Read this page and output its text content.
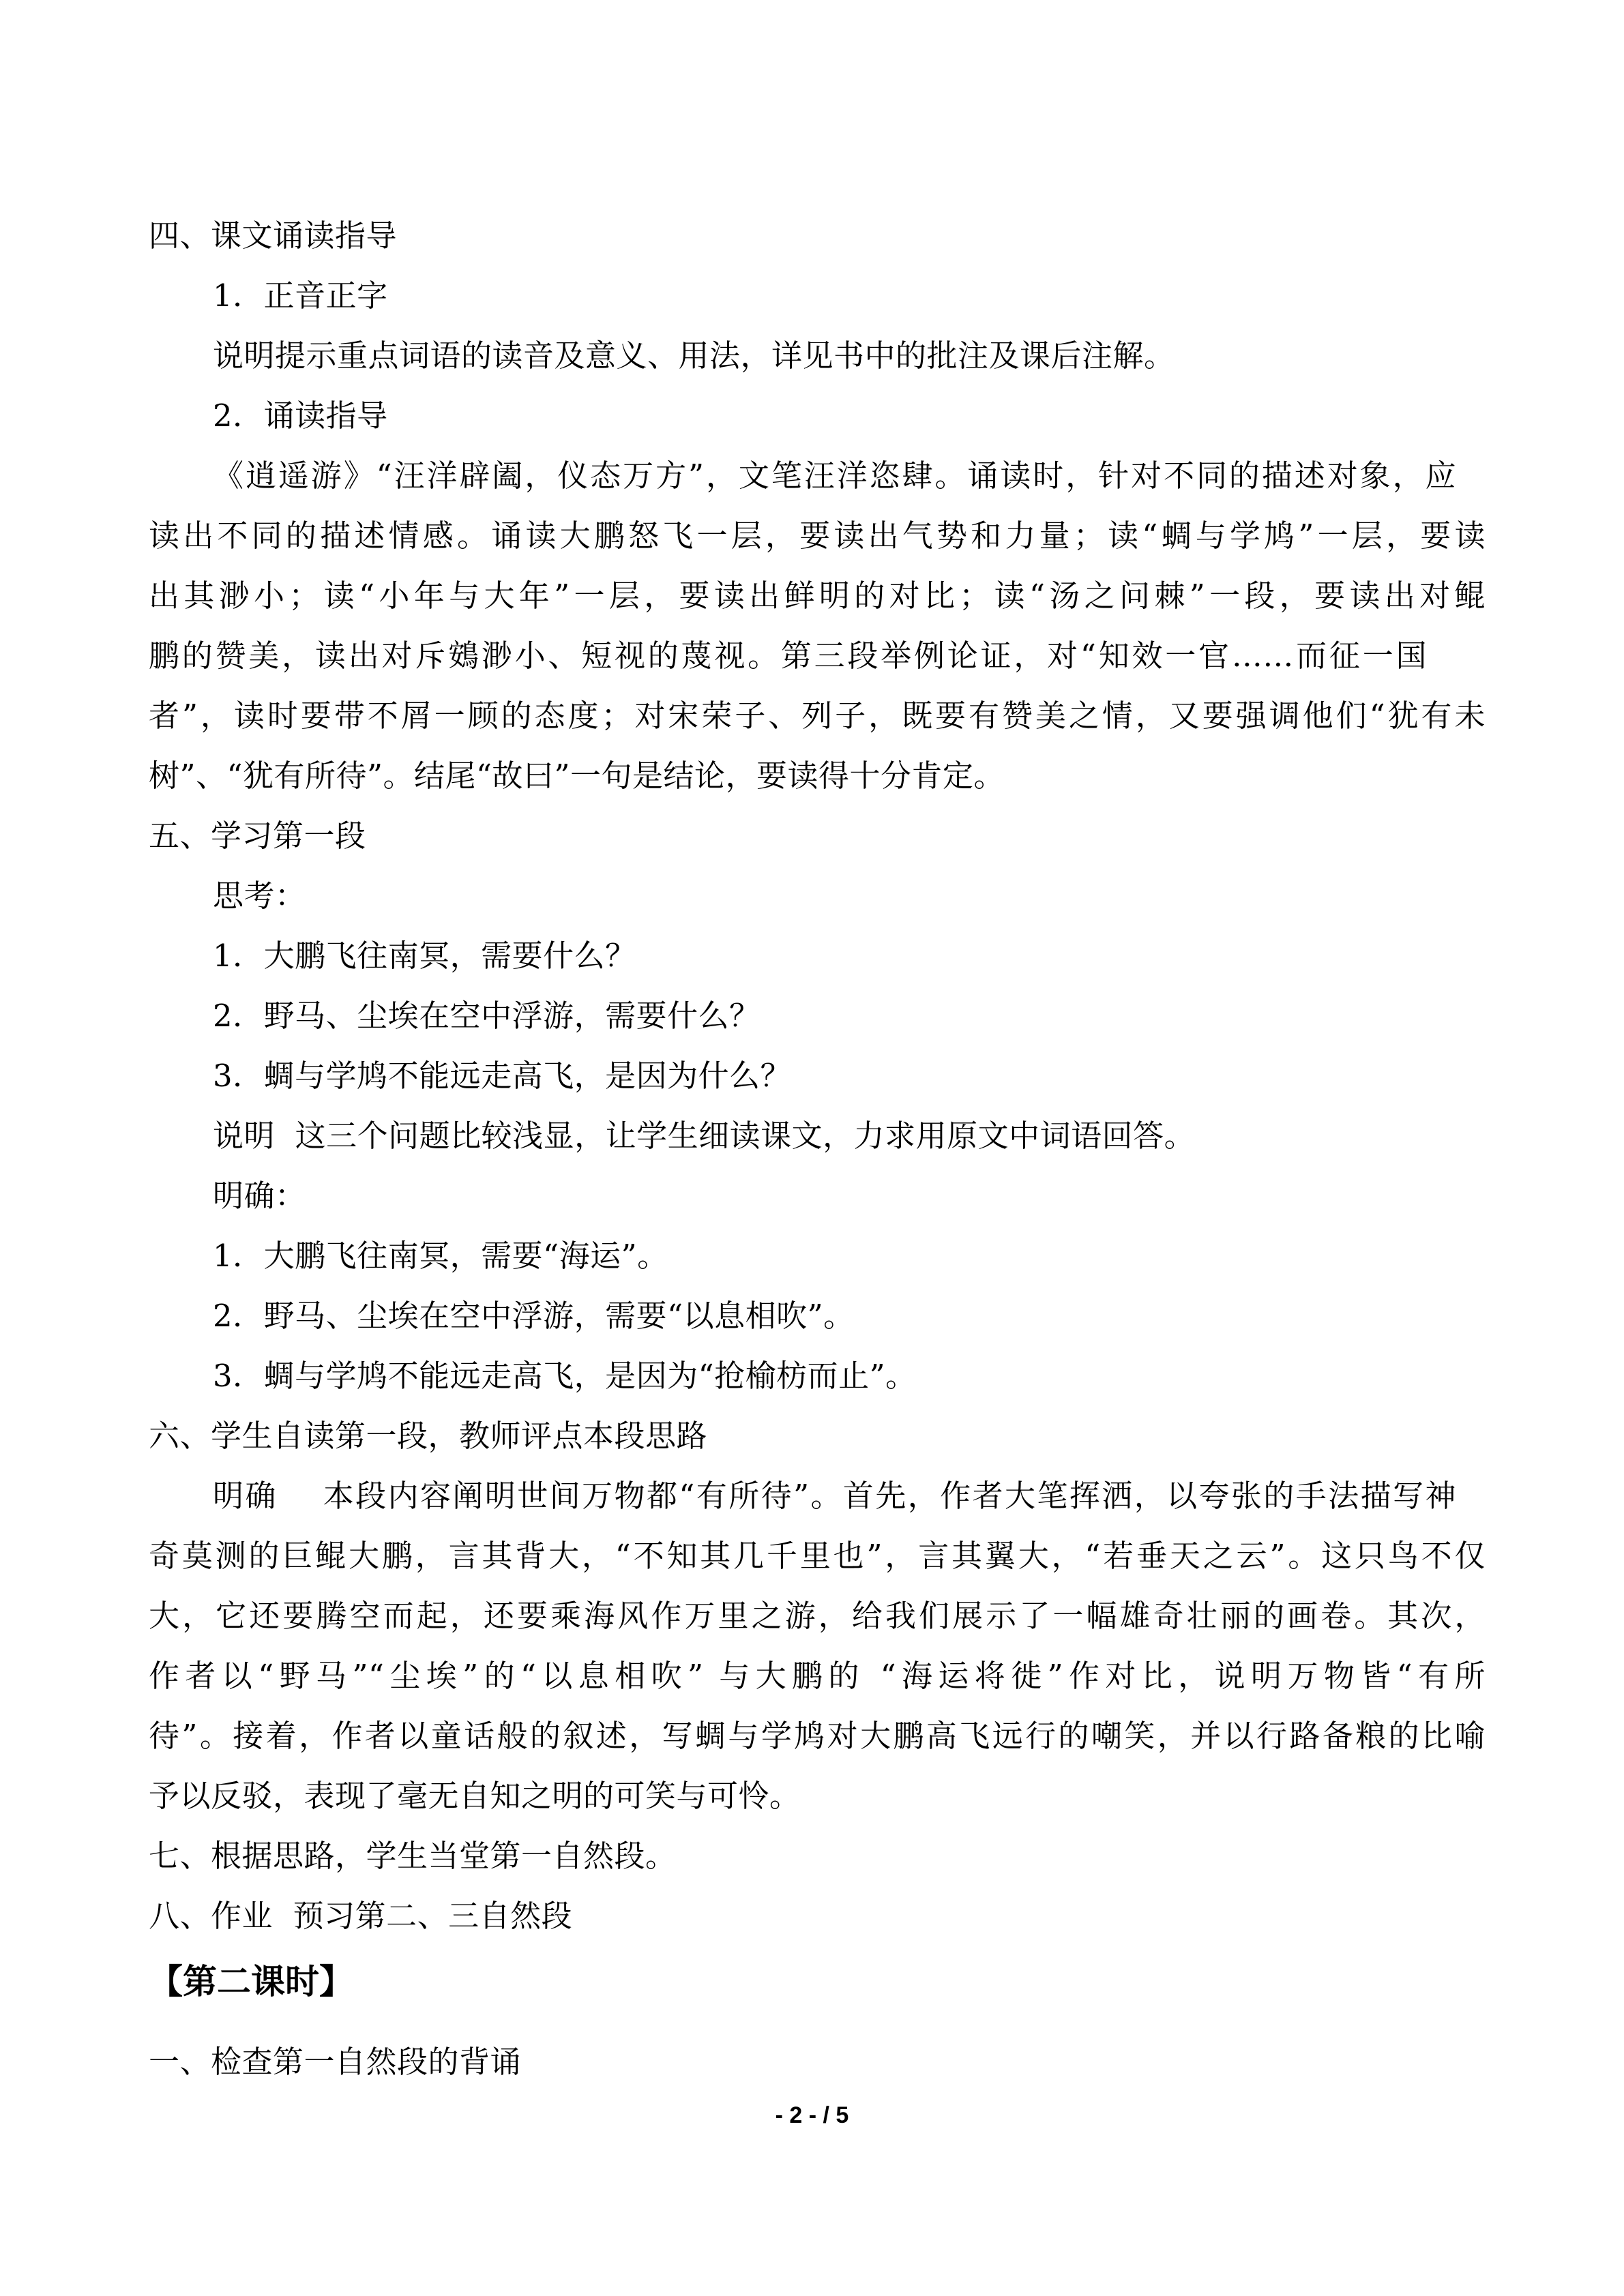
四、课文诵读指导
1．正音正字
说明提示重点词语的读音及意义、用法，详见书中的批注及课后注解。
2．诵读指导
《逍遥游》“汪洋辟阖，仪态万方”，文笔汪洋恣肆。诵读时，针对不同的描述对象，应
读出不同的描述情感。诵读大鹏怒飞一层，要读出气势和力量；读“蜩与学鸠”一层，要读
出其渺小；读“小年与大年”一层，要读出鲜明的对比；读“汤之问棘”一段，要读出对鲲
鹏的赞美，读出对斥鴳渺小、短视的蔑视。第三段举例论证，对“知效一官……而征一国
者”，读时要带不屑一顾的态度；对宋荣子、列子，既要有赞美之情，又要强调他们“犹有未
树”、“犹有所待”。结尾“故曰”一句是结论，要读得十分肯定。
五、学习第一段
思考：
1．大鹏飞往南冥，需要什么？
2．野马、尘埃在空中浮游，需要什么？
3．蜩与学鸠不能远走高飞，是因为什么？
说明  这三个问题比较浅显，让学生细读课文，力求用原文中词语回答。
明确：
1．大鹏飞往南冥，需要“海运”。
2．野马、尘埃在空中浮游，需要“以息相吹”。
3．蜩与学鸠不能远走高飞，是因为“抢榆枋而止”。
六、学生自读第一段，教师评点本段思路
明确    本段内容阐明世间万物都“有所待”。首先，作者大笔挥洒，以夸张的手法描写神
奇莫测的巨鲲大鹏，言其背大，“不知其几千里也”，言其翼大，“若垂天之云”。这只鸟不仅
大，它还要腾空而起，还要乘海风作万里之游，给我们展示了一幅雄奇壮丽的画卷。其次，
作者以“野马”“尘埃”的“以息相吹” 与大鹏的 “海运将徙”作对比，说明万物皆“有所
待”。接着，作者以童话般的叙述，写蜩与学鸠对大鹏高飞远行的嘲笑，并以行路备粮的比喻
予以反驳，表现了毫无自知之明的可笑与可怜。
七、根据思路，学生当堂第一自然段。
八、作业  预习第二、三自然段
【第二课时】
一、检查第一自然段的背诵
- 2 - / 5
